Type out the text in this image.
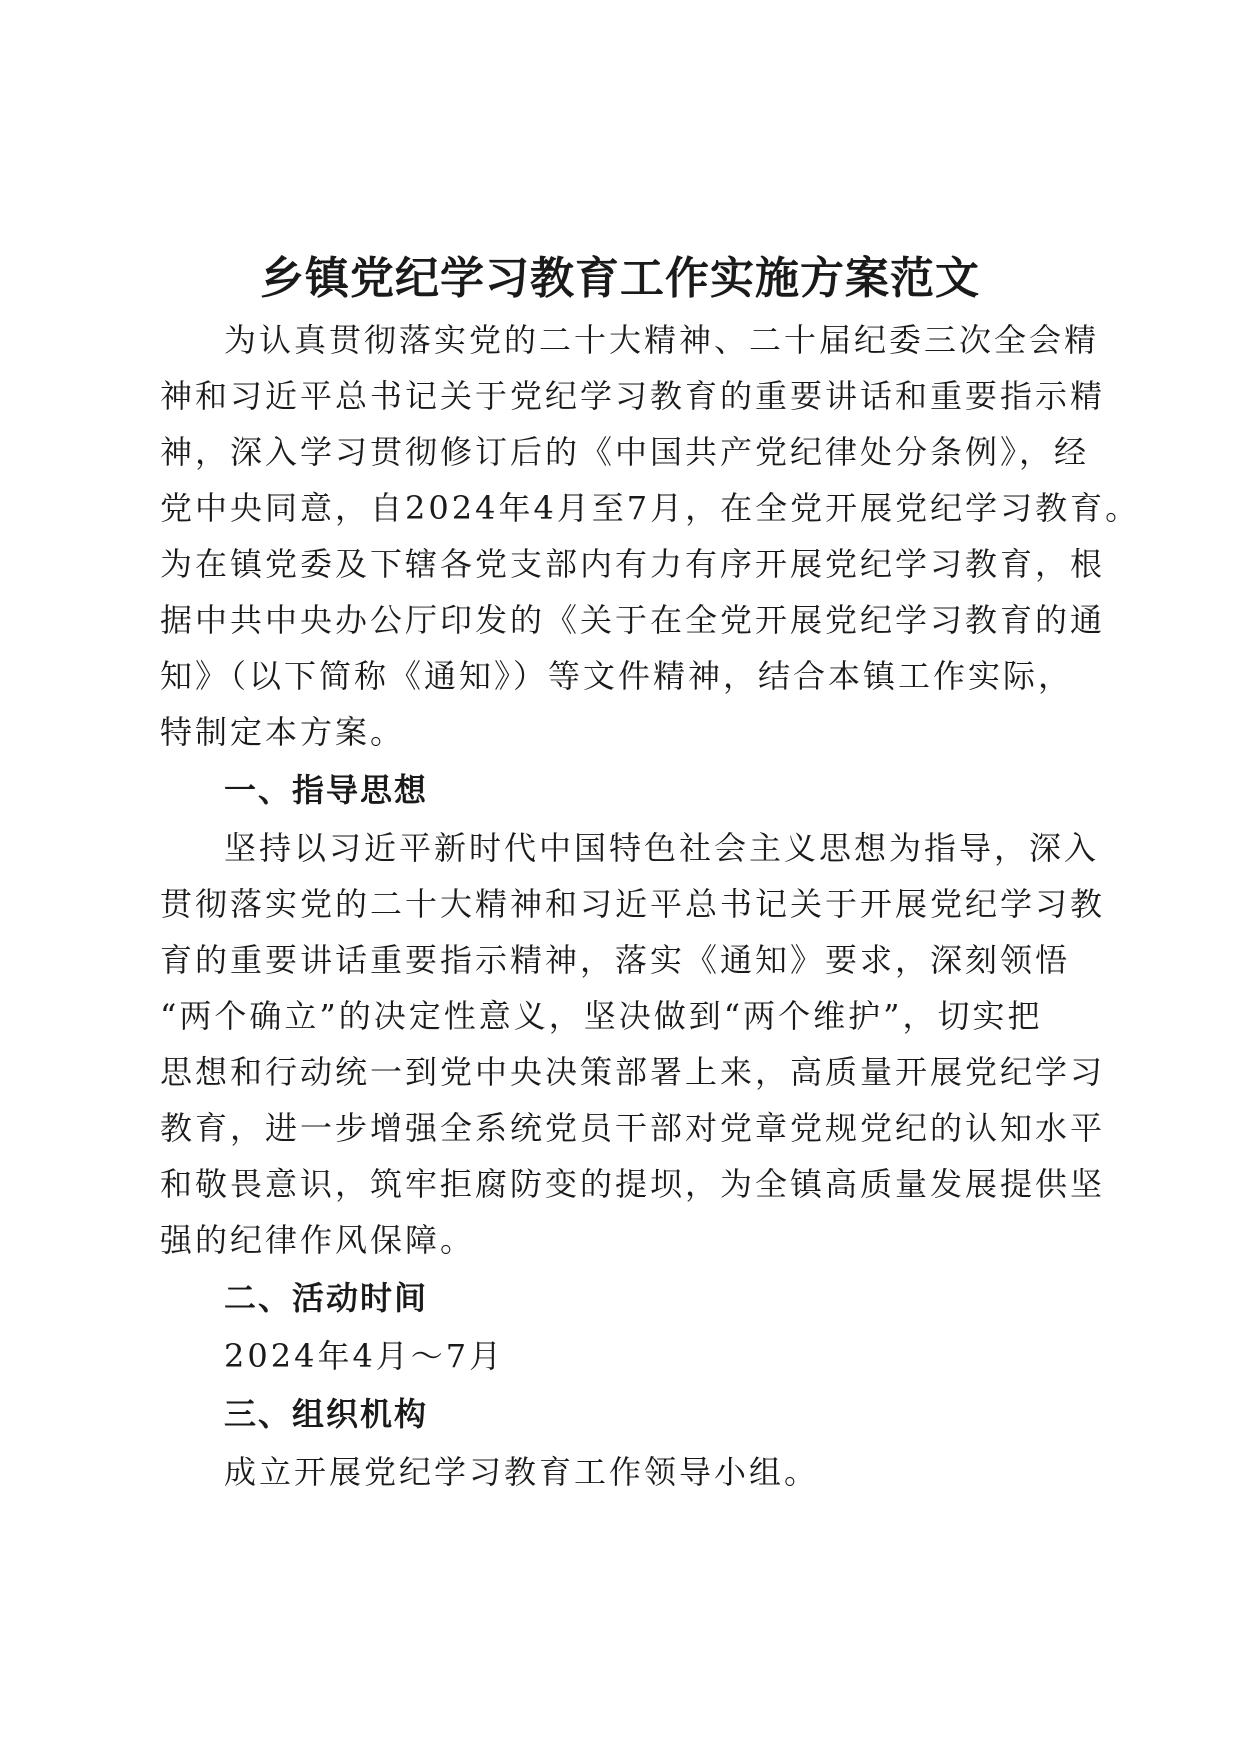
乡镇党纪学习教育工作实施方案范文
为认真贯彻落实党的二十大精神、二十届纪委三次全会精
神和习近平总书记关于党纪学习教育的重要讲话和重要指示精
神，深入学习贯彻修订后的《中国共产党纪律处分条例》，经
党中央同意，自2024年4月至7月，在全党开展党纪学习教育。
为在镇党委及下辖各党支部内有力有序开展党纪学习教育，根
据中共中央办公厅印发的《关于在全党开展党纪学习教育的通
知》（以下简称《通知》）等文件精神，结合本镇工作实际，
特制定本方案。
一、指导思想
坚持以习近平新时代中国特色社会主义思想为指导，深入
贯彻落实党的二十大精神和习近平总书记关于开展党纪学习教
育的重要讲话重要指示精神，落实《通知》要求，深刻领悟
“两个确立”的决定性意义，坚决做到“两个维护”，切实把
思想和行动统一到党中央决策部署上来，高质量开展党纪学习
教育，进一步增强全系统党员干部对党章党规党纪的认知水平
和敬畏意识，筑牢拒腐防变的提坝，为全镇高质量发展提供坚
强的纪律作风保障。
二、活动时间
2024年4月～7月
三、组织机构
成立开展党纪学习教育工作领导小组。
